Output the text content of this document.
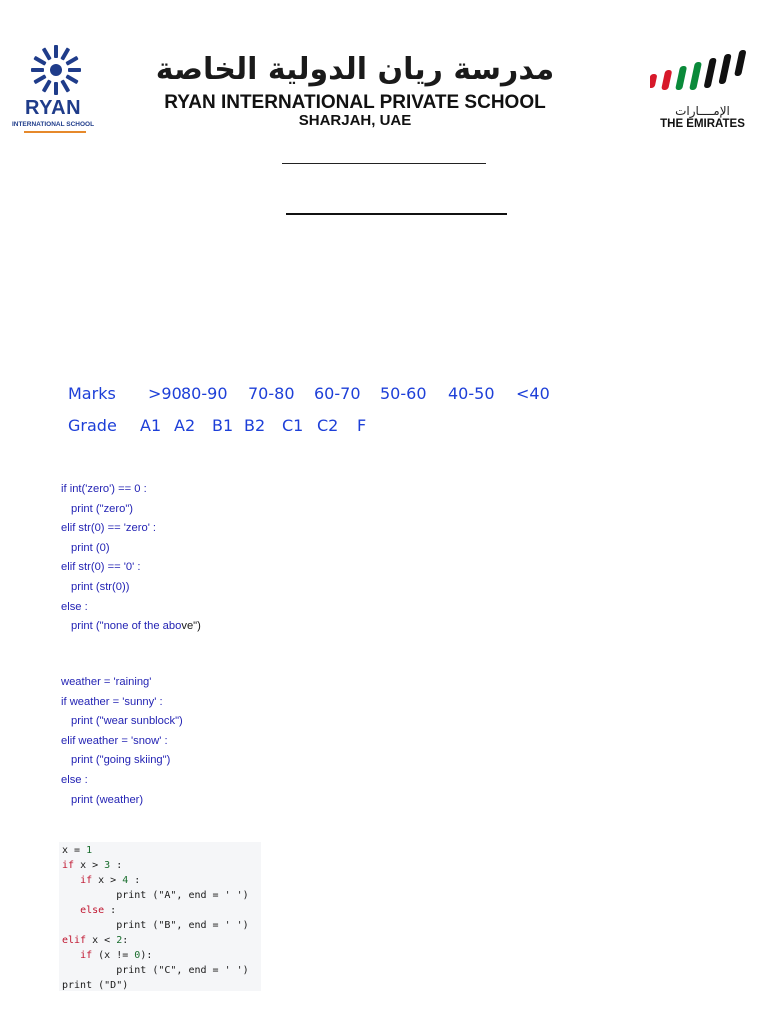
RYAN
INTERNATIONAL SCHOOL
مدرسة ريان الدولية الخاصة
RYAN INTERNATIONAL PRIVATE SCHOOL
SHARJAH, UAE
الإمــــارات
THE EMIRATES
Marks >9080-90 70-80 60-70 50-60 40-50 <40
Grade A1 A2 B1 B2 C1 C2 F
if int('zero') == 0 :
print ("zero")
elif str(0) == 'zero' :
print (0)
elif str(0) == '0' :
print (str(0))
else :
print ("none of the above")
weather = 'raining'
if weather = 'sunny' :
print ("wear sunblock")
elif weather = 'snow' :
print ("going skiing")
else :
print (weather)
x = 1
if x > 3 :
if x > 4 :
print ("A", end = ' ')
else :
print ("B", end = ' ')
elif x < 2:
if (x != 0):
print ("C", end = ' ')
print ("D")
